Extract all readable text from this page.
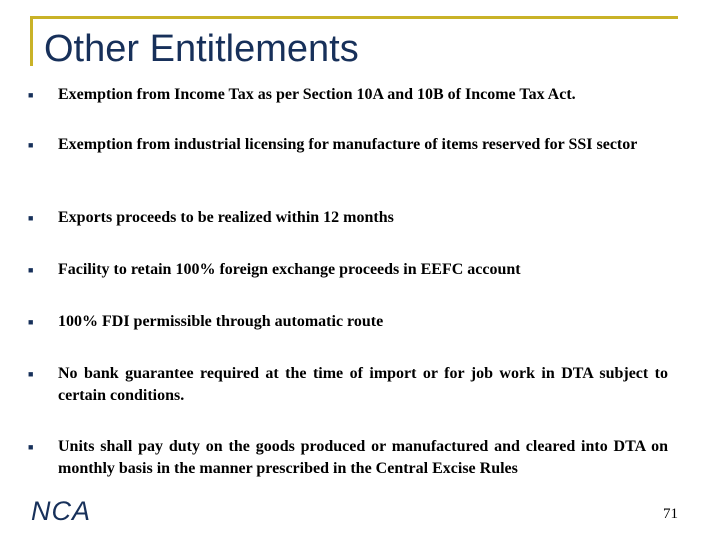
Other Entitlements
■
Exemption from Income Tax as per Section 10A and 10B of Income Tax Act.
■
Exemption from industrial licensing for manufacture of items reserved for SSI sector
■
Exports proceeds to be realized within 12 months
■
Facility to retain 100% foreign exchange proceeds in EEFC account
■
100% FDI permissible through automatic route
■
No bank guarantee required at the time of import or for job work in DTA subject to certain conditions.
■
Units shall pay duty on the goods produced or manufactured and cleared into DTA on monthly basis in the manner prescribed in the Central Excise Rules
NCA	71
